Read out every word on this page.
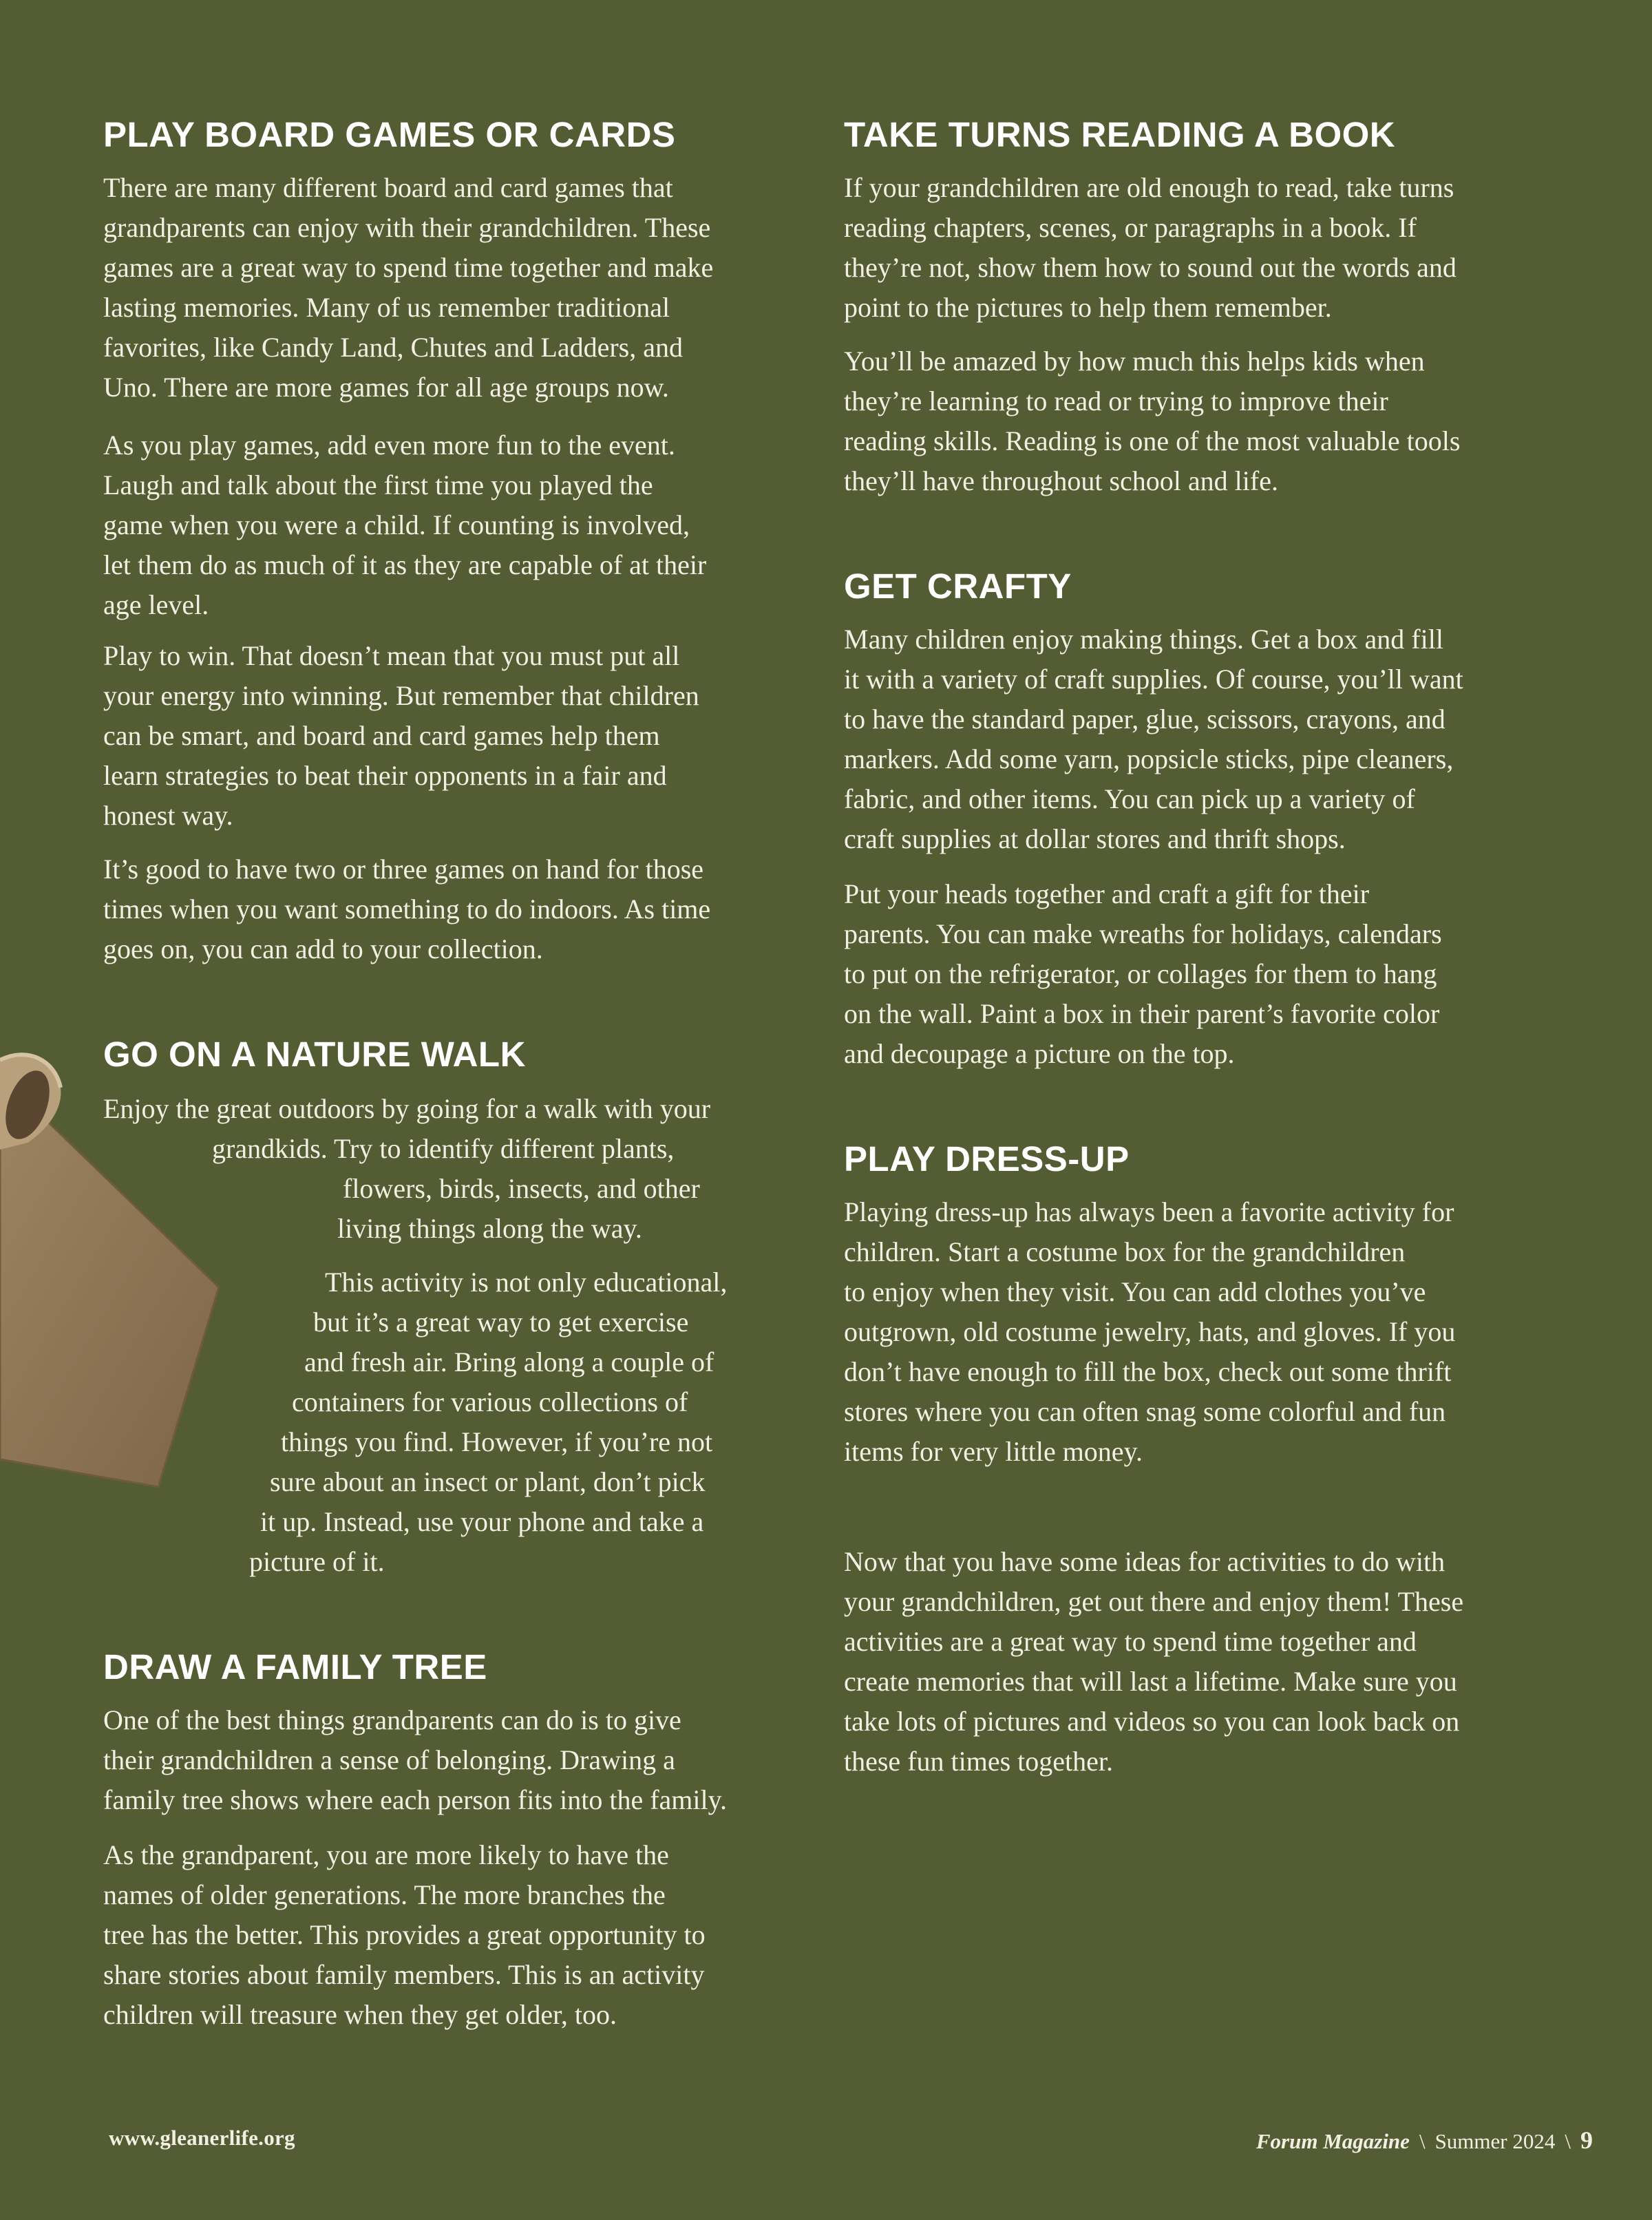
PLAY BOARD GAMES OR CARDS

There are many different board and card games that
grandparents can enjoy with their grandchildren. These
games are a great way to spend time together and make
lasting memories. Many of us remember traditional
favorites, like Candy Land, Chutes and Ladders, and
Uno. There are more games for all age groups now.

As you play games, add even more fun to the event.
Laugh and talk about the first time you played the
game when you were a child. If counting is involved,
let them do as much of it as they are capable of at their
age level.

Play to win. That doesn’t mean that you must put all
your energy into winning. But remember that children
can be smart, and board and card games help them
learn strategies to beat their opponents in a fair and
honest way.

It’s good to have two or three games on hand for those
times when you want something to do indoors. As time
goes on, you can add to your collection.

GO ON A NATURE WALK

Enjoy the great outdoors by going for a walk with your

grandkids. Try to identify different plants,

flowers, birds, insects, and other

living things along the way.

This activity is not only educational,

but it’s a great way to get exercise

and fresh air. Bring along a couple of

containers for various collections of

things you find. However, if you’re not

sure about an insect or plant, don’t pick

it up. Instead, use your phone and take a

picture of it.

DRAW A FAMILY TREE

One of the best things grandparents can do is to give
their grandchildren a sense of belonging. Drawing a
family tree shows where each person fits into the family.

As the grandparent, you are more likely to have the
names of older generations. The more branches the
tree has the better. This provides a great opportunity to
share stories about family members. This is an activity
children will treasure when they get older, too.

TAKE TURNS READING A BOOK

If your grandchildren are old enough to read, take turns
reading chapters, scenes, or paragraphs in a book. If
they’re not, show them how to sound out the words and
point to the pictures to help them remember.

You’ll be amazed by how much this helps kids when
they’re learning to read or trying to improve their
reading skills. Reading is one of the most valuable tools
they’ll have throughout school and life.

GET CRAFTY

Many children enjoy making things. Get a box and fill
it with a variety of craft supplies. Of course, you’ll want
to have the standard paper, glue, scissors, crayons, and
markers. Add some yarn, popsicle sticks, pipe cleaners,
fabric, and other items. You can pick up a variety of
craft supplies at dollar stores and thrift shops.

Put your heads together and craft a gift for their
parents. You can make wreaths for holidays, calendars
to put on the refrigerator, or collages for them to hang
on the wall. Paint a box in their parent’s favorite color
and decoupage a picture on the top.

PLAY DRESS-UP

Playing dress-up has always been a favorite activity for
children. Start a costume box for the grandchildren
to enjoy when they visit. You can add clothes you’ve
outgrown, old costume jewelry, hats, and gloves. If you
don’t have enough to fill the box, check out some thrift
stores where you can often snag some colorful and fun
items for very little money.

Now that you have some ideas for activities to do with
your grandchildren, get out there and enjoy them! These
activities are a great way to spend time together and
create memories that will last a lifetime. Make sure you
take lots of pictures and videos so you can look back on
these fun times together.

www.gleanerlife.org	Forum Magazine \ Summer 2024 \ 9
